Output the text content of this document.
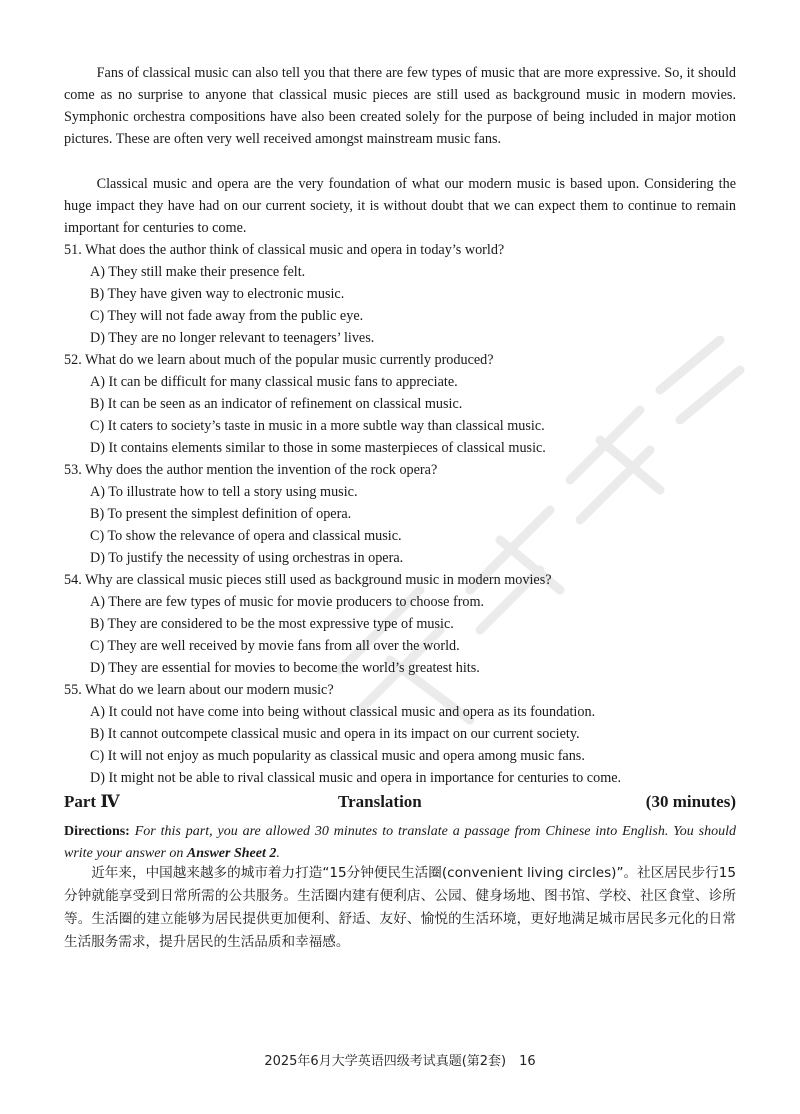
Fans of classical music can also tell you that there are few types of music that are more expressive. So, it should come as no surprise to anyone that classical music pieces are still used as background music in modern movies. Symphonic orchestra compositions have also been created solely for the purpose of being included in major motion pictures. These are often very well received amongst mainstream music fans.

Classical music and opera are the very foundation of what our modern music is based upon. Considering the huge impact they have had on our current society, it is without doubt that we can expect them to continue to remain important for centuries to come.

51. What does the author think of classical music and opera in today’s world?
A) They still make their presence felt.
B) They have given way to electronic music.
C) They will not fade away from the public eye.
D) They are no longer relevant to teenagers’ lives.
52. What do we learn about much of the popular music currently produced?
A) It can be difficult for many classical music fans to appreciate.
B) It can be seen as an indicator of refinement on classical music.
C) It caters to society’s taste in music in a more subtle way than classical music.
D) It contains elements similar to those in some masterpieces of classical music.
53. Why does the author mention the invention of the rock opera?
A) To illustrate how to tell a story using music.
B) To present the simplest definition of opera.
C) To show the relevance of opera and classical music.
D) To justify the necessity of using orchestras in opera.
54. Why are classical music pieces still used as background music in modern movies?
A) There are few types of music for movie producers to choose from.
B) They are considered to be the most expressive type of music.
C) They are well received by movie fans from all over the world.
D) They are essential for movies to become the world’s greatest hits.
55. What do we learn about our modern music?
A) It could not have come into being without classical music and opera as its foundation.
B) It cannot outcompete classical music and opera in its impact on our current society.
C) It will not enjoy as much popularity as classical music and opera among music fans.
D) It might not be able to rival classical music and opera in importance for centuries to come.
Part Ⅳ	Translation	(30 minutes)

Directions: For this part, you are allowed 30 minutes to translate a passage from Chinese into English. You should write your answer on Answer Sheet 2.

近年来，中国越来越多的城市着力打造“15分钟便民生活圈(convenient living circles)”。社区居民步行15分钟就能享受到日常所需的公共服务。生活圈内建有便利店、公园、健身场地、图书馆、学校、社区食堂、诊所等。生活圈的建立能够为居民提供更加便利、舒适、友好、愉悦的生活环境，更好地满足城市居民多元化的日常生活服务需求，提升居民的生活品质和幸福感。

2025年6月大学英语四级考试真题(第2套)　16
